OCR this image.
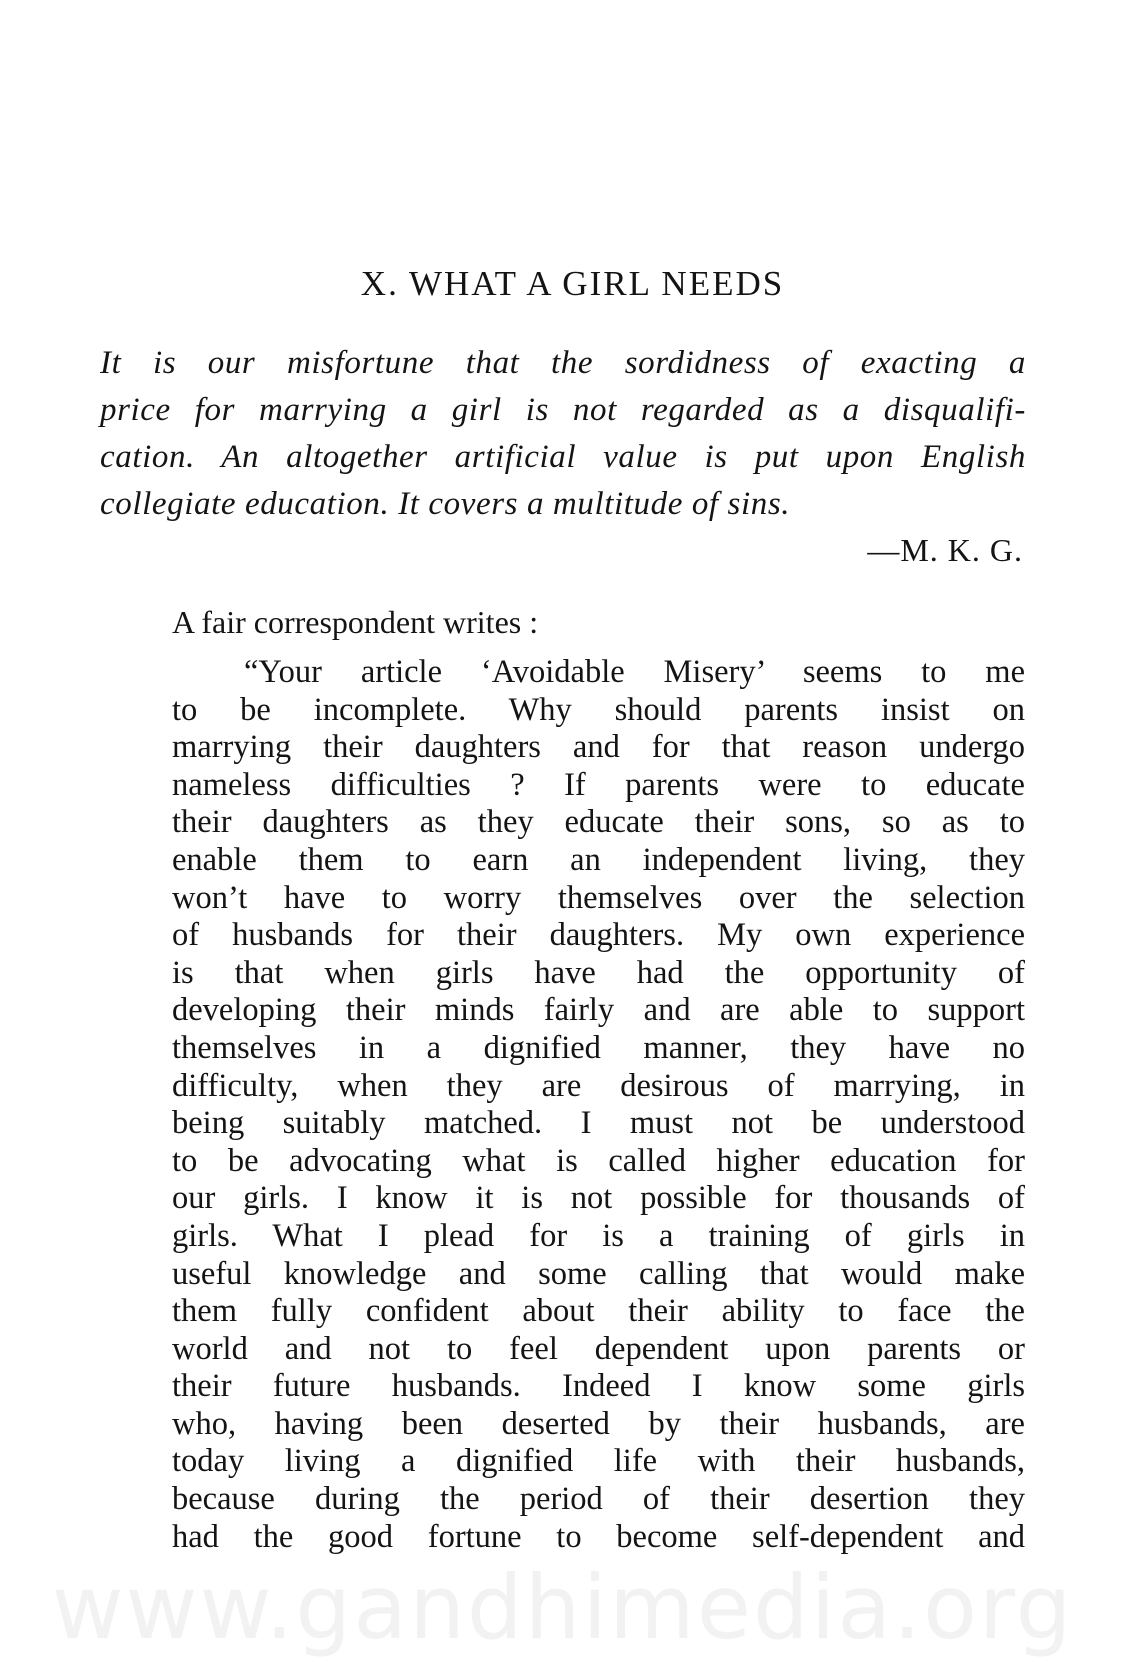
X. WHAT A GIRL NEEDS
It is our misfortune that the sordidness of exacting a
price for marrying a girl is not regarded as a disqualifi-
cation. An altogether artificial value is put upon English
collegiate education. It covers a multitude of sins.
—M. K. G.
A fair correspondent writes :
“Your article ‘Avoidable Misery’ seems to me
to be incomplete. Why should parents insist on
marrying their daughters and for that reason undergo
nameless difficulties ? If parents were to educate
their daughters as they educate their sons, so as to
enable them to earn an independent living, they
won’t have to worry themselves over the selection
of husbands for their daughters. My own experience
is that when girls have had the opportunity of
developing their minds fairly and are able to support
themselves in a dignified manner, they have no
difficulty, when they are desirous of marrying, in
being suitably matched. I must not be understood
to be advocating what is called higher education for
our girls. I know it is not possible for thousands of
girls. What I plead for is a training of girls in
useful knowledge and some calling that would make
them fully confident about their ability to face the
world and not to feel dependent upon parents or
their future husbands. Indeed I know some girls
who, having been deserted by their husbands, are
today living a dignified life with their husbands,
because during the period of their desertion they
had the good fortune to become self-dependent and
www.gandhimedia.org
